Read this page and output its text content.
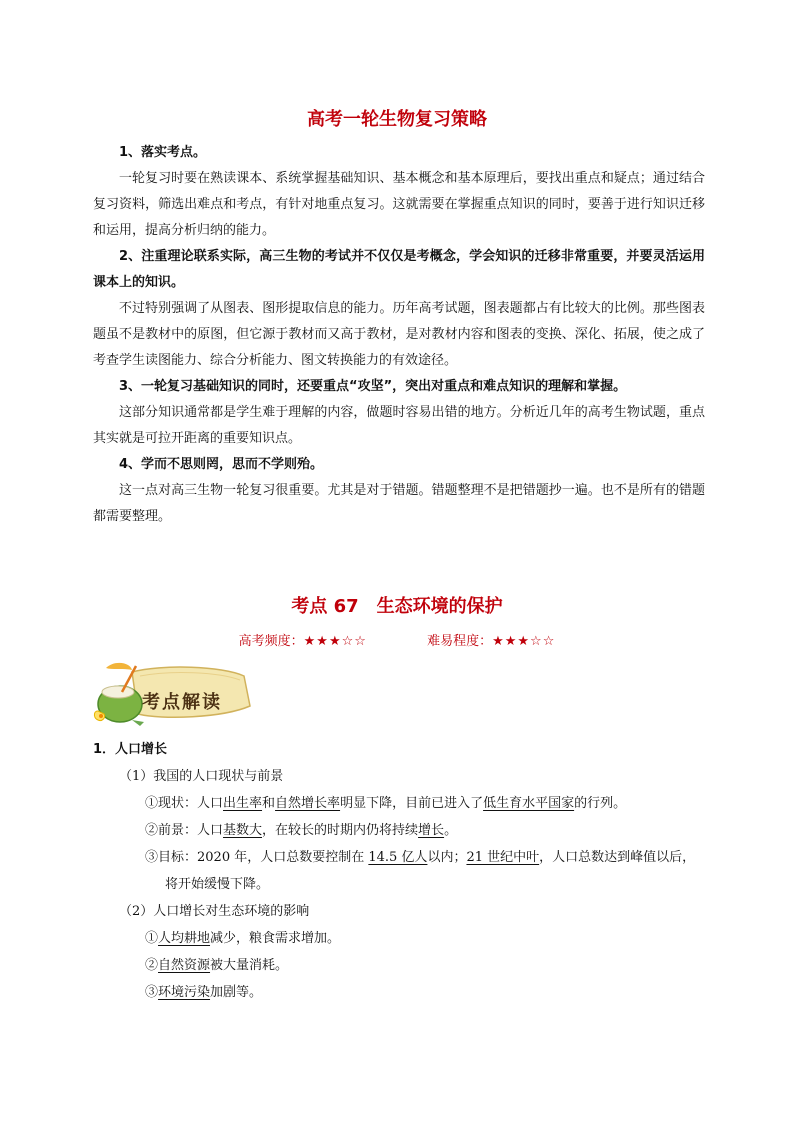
高考一轮生物复习策略

1、落实考点。

一轮复习时要在熟读课本、系统掌握基础知识、基本概念和基本原理后，要找出重点和疑点；通过结合复习资料，筛选出难点和考点，有针对地重点复习。这就需要在掌握重点知识的同时，要善于进行知识迁移和运用，提高分析归纳的能力。

2、注重理论联系实际，高三生物的考试并不仅仅是考概念，学会知识的迁移非常重要，并要灵活运用课本上的知识。

不过特别强调了从图表、图形提取信息的能力。历年高考试题，图表题都占有比较大的比例。那些图表题虽不是教材中的原图，但它源于教材而又高于教材，是对教材内容和图表的变换、深化、拓展，使之成了考查学生读图能力、综合分析能力、图文转换能力的有效途径。

3、一轮复习基础知识的同时，还要重点“攻坚”，突出对重点和难点知识的理解和掌握。

这部分知识通常都是学生难于理解的内容，做题时容易出错的地方。分析近几年的高考生物试题，重点其实就是可拉开距离的重要知识点。

4、学而不思则罔，思而不学则殆。

这一点对高三生物一轮复习很重要。尤其是对于错题。错题整理不是把错题抄一遍。也不是所有的错题都需要整理。

考点 67　生态环境的保护
高考频度：★★★☆☆	难易程度：★★★☆☆
考点解读
1．人口增长
（1）我国的人口现状与前景
①现状：人口出生率和自然增长率明显下降，目前已进入了低生育水平国家的行列。
②前景：人口基数大，在较长的时期内仍将持续增长。
③目标：2020 年，人口总数要控制在 14.5 亿人以内；21 世纪中叶，人口总数达到峰值以后，
将开始缓慢下降。
（2）人口增长对生态环境的影响
①人均耕地减少，粮食需求增加。
②自然资源被大量消耗。
③环境污染加剧等。
